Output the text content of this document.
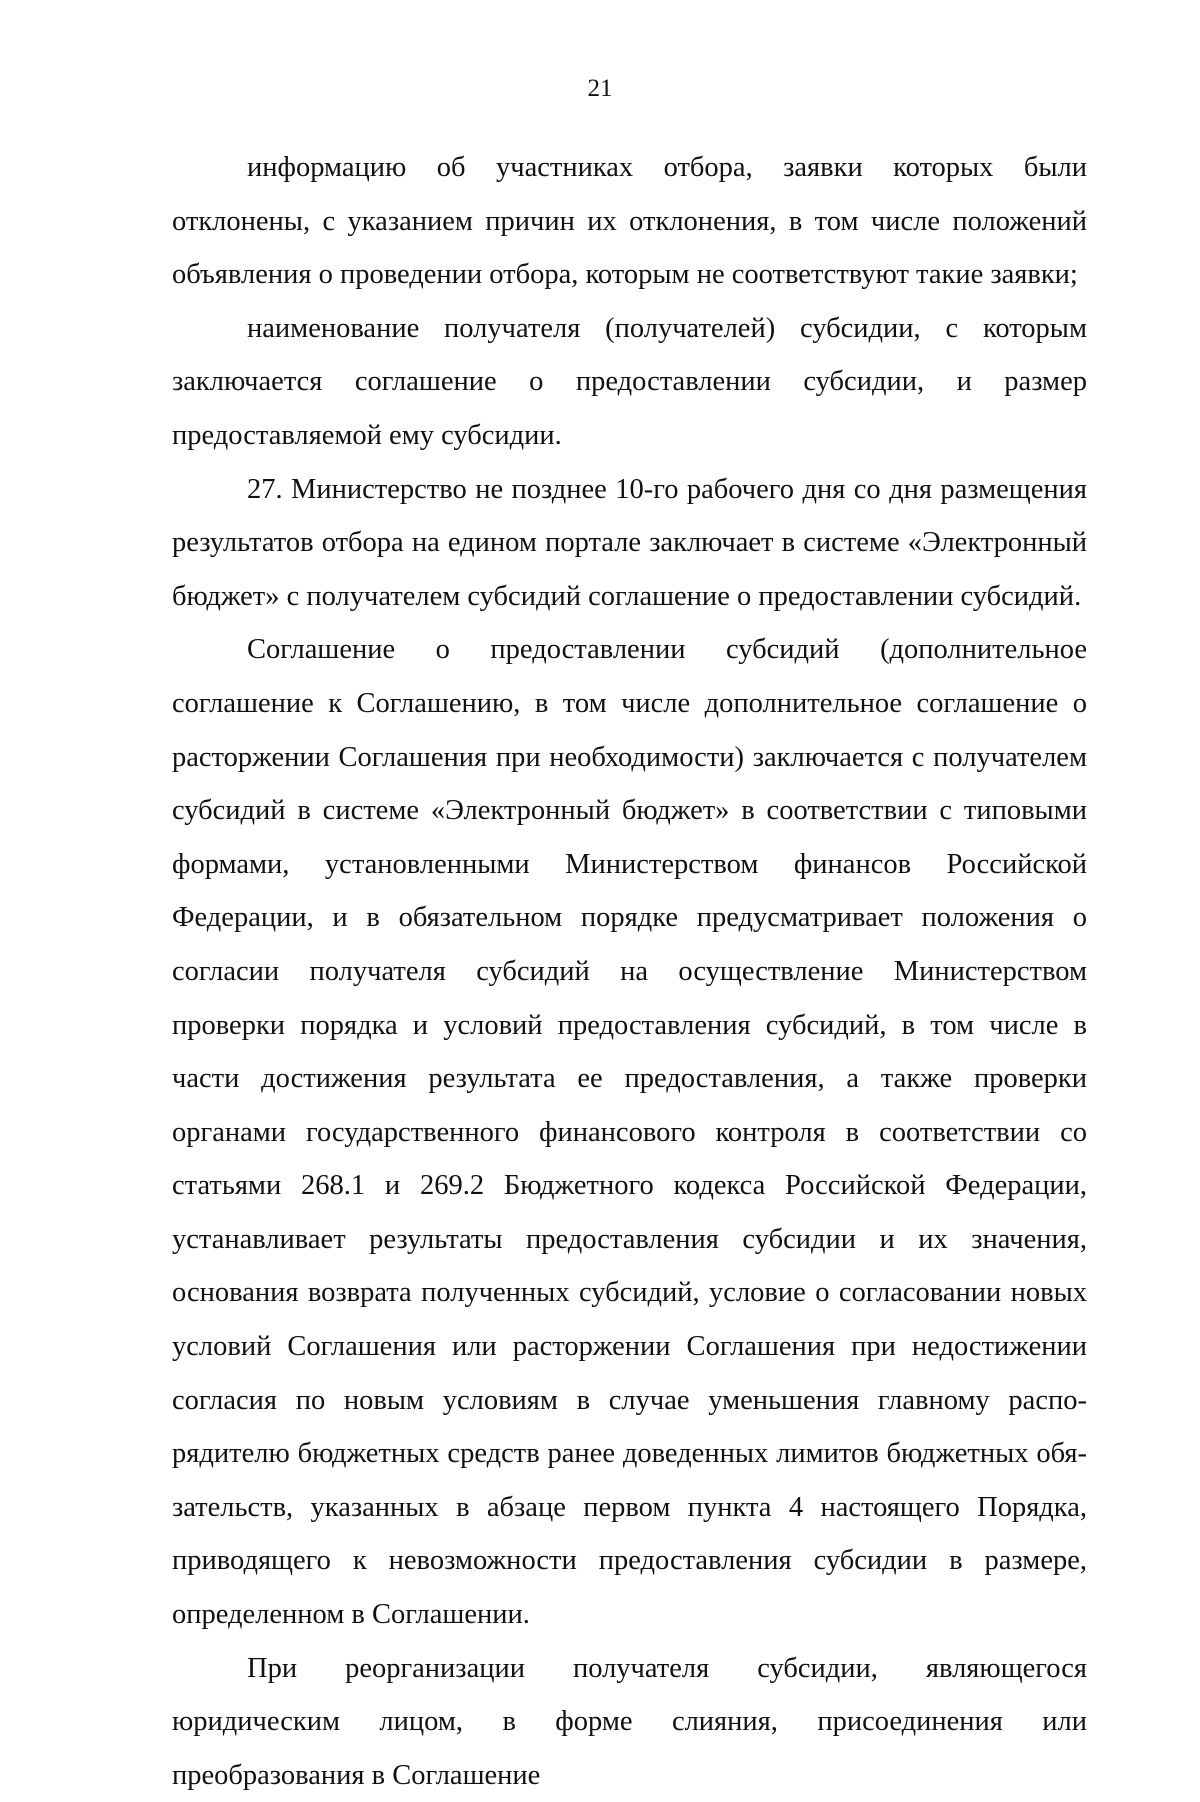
21

информацию об участниках отбора, заявки которых были отклонены, с указанием причин их отклонения, в том числе положений объявления о проведении отбора, которым не соответствуют такие заявки;

наименование получателя (получателей) субсидии, с которым заключается соглашение о предоставлении субсидии, и размер предоставляемой ему субсидии.

27. Министерство не позднее 10-го рабочего дня со дня размещения результатов отбора на едином портале заключает в системе «Электронный бюджет» с получателем субсидий соглашение о предоставлении субсидий.

Соглашение о предоставлении субсидий (дополнительное соглашение к Соглашению, в том числе дополнительное соглашение о расторжении Соглашения при необходимости) заключается с получателем субсидий в системе «Электронный бюджет» в соответствии с типовыми формами, установленными Министерством финансов Российской Федерации, и в обязательном порядке предусматривает положения о согласии получателя субсидий на осуществление Министерством проверки порядка и условий предоставления субсидий, в том числе в части достижения результата ее предоставления, а также проверки органами государственного финансового контроля в соответствии со статьями 268.1 и 269.2 Бюджетного кодекса Российской Федерации, устанавливает результаты предоставления субсидии и их значения, основания возврата полученных субсидий, условие о согласовании новых условий Соглашения или расторжении Соглашения при недостижении согласия по новым условиям в случае уменьшения главному распорядителю бюджетных средств ранее доведенных лимитов бюджетных обязательств, указанных в абзаце первом пункта 4 настоящего Порядка, приводящего к невозможности предоставления субсидии в размере, определенном в Соглашении.

При реорганизации получателя субсидии, являющегося юридическим лицом, в форме слияния, присоединения или преобразования в Соглашение
